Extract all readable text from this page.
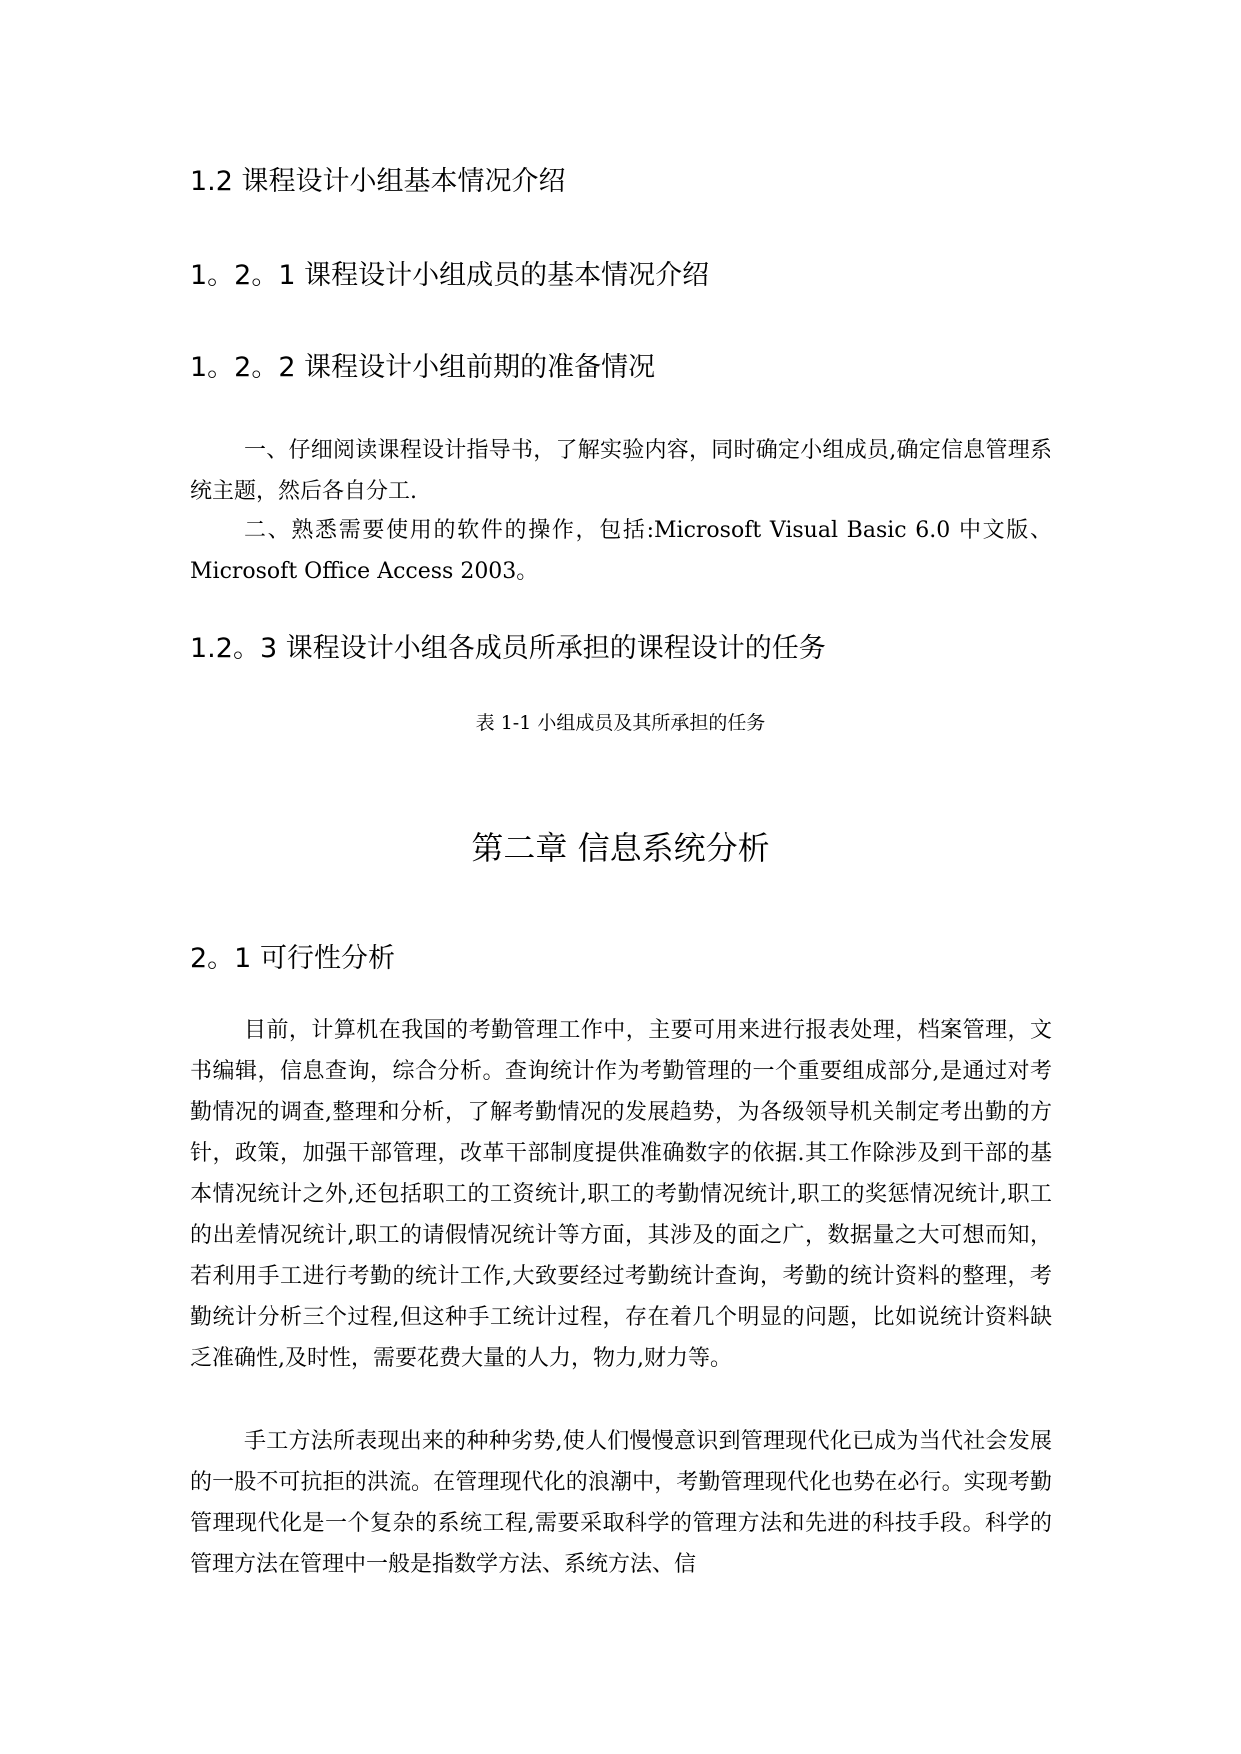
1.2 课程设计小组基本情况介绍
1。2。1 课程设计小组成员的基本情况介绍
1。2。2 课程设计小组前期的准备情况

一、仔细阅读课程设计指导书，了解实验内容，同时确定小组成员,确定信息管理系统主题，然后各自分工.

二、熟悉需要使用的软件的操作，包括:Microsoft Visual Basic 6.0 中文版、Microsoft Office Access 2003。

1.2。3 课程设计小组各成员所承担的课程设计的任务
表 1-1 小组成员及其所承担的任务
第二章 信息系统分析
2。1 可行性分析

目前，计算机在我国的考勤管理工作中，主要可用来进行报表处理，档案管理，文书编辑，信息查询，综合分析。查询统计作为考勤管理的一个重要组成部分,是通过对考勤情况的调查,整理和分析，了解考勤情况的发展趋势，为各级领导机关制定考出勤的方针，政策，加强干部管理，改革干部制度提供准确数字的依据.其工作除涉及到干部的基本情况统计之外,还包括职工的工资统计,职工的考勤情况统计,职工的奖惩情况统计,职工的出差情况统计,职工的请假情况统计等方面，其涉及的面之广，数据量之大可想而知，若利用手工进行考勤的统计工作,大致要经过考勤统计查询，考勤的统计资料的整理，考勤统计分析三个过程,但这种手工统计过程，存在着几个明显的问题，比如说统计资料缺乏准确性,及时性，需要花费大量的人力，物力,财力等。

手工方法所表现出来的种种劣势,使人们慢慢意识到管理现代化已成为当代社会发展的一股不可抗拒的洪流。在管理现代化的浪潮中，考勤管理现代化也势在必行。实现考勤管理现代化是一个复杂的系统工程,需要采取科学的管理方法和先进的科技手段。科学的管理方法在管理中一般是指数学方法、系统方法、信
